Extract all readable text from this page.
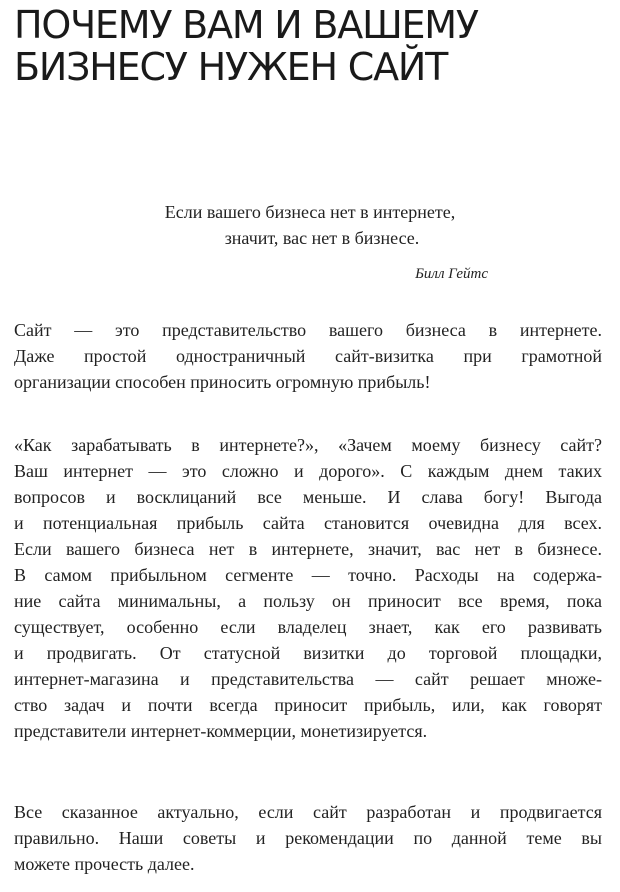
ПОЧЕМУ ВАМ И ВАШЕМУ
БИЗНЕСУ НУЖЕН САЙТ
Если вашего бизнеса нет в интернете,
значит, вас нет в бизнесе.
Билл Гейтс

Сайт — это представительство вашего бизнеса в интернете.
Даже простой одностраничный сайт-визитка при грамотной
организации способен приносить огромную прибыль!

«Как зарабатывать в интернете?», «Зачем моему бизнесу сайт?
Ваш интернет — это сложно и дорого». С каждым днем таких
вопросов и восклицаний все меньше. И слава богу! Выгода
и потенциальная прибыль сайта становится очевидна для всех.
Если вашего бизнеса нет в интернете, значит, вас нет в бизнесе.
В самом прибыльном сегменте — точно. Расходы на содержа-
ние сайта минимальны, а пользу он приносит все время, пока
существует, особенно если владелец знает, как его развивать
и продвигать. От статусной визитки до торговой площадки,
интернет-магазина и представительства — сайт решает множе-
ство задач и почти всегда приносит прибыль, или, как говорят
представители интернет-коммерции, монетизируется.

Все сказанное актуально, если сайт разработан и продвигается
правильно. Наши советы и рекомендации по данной теме вы
можете прочесть далее.
